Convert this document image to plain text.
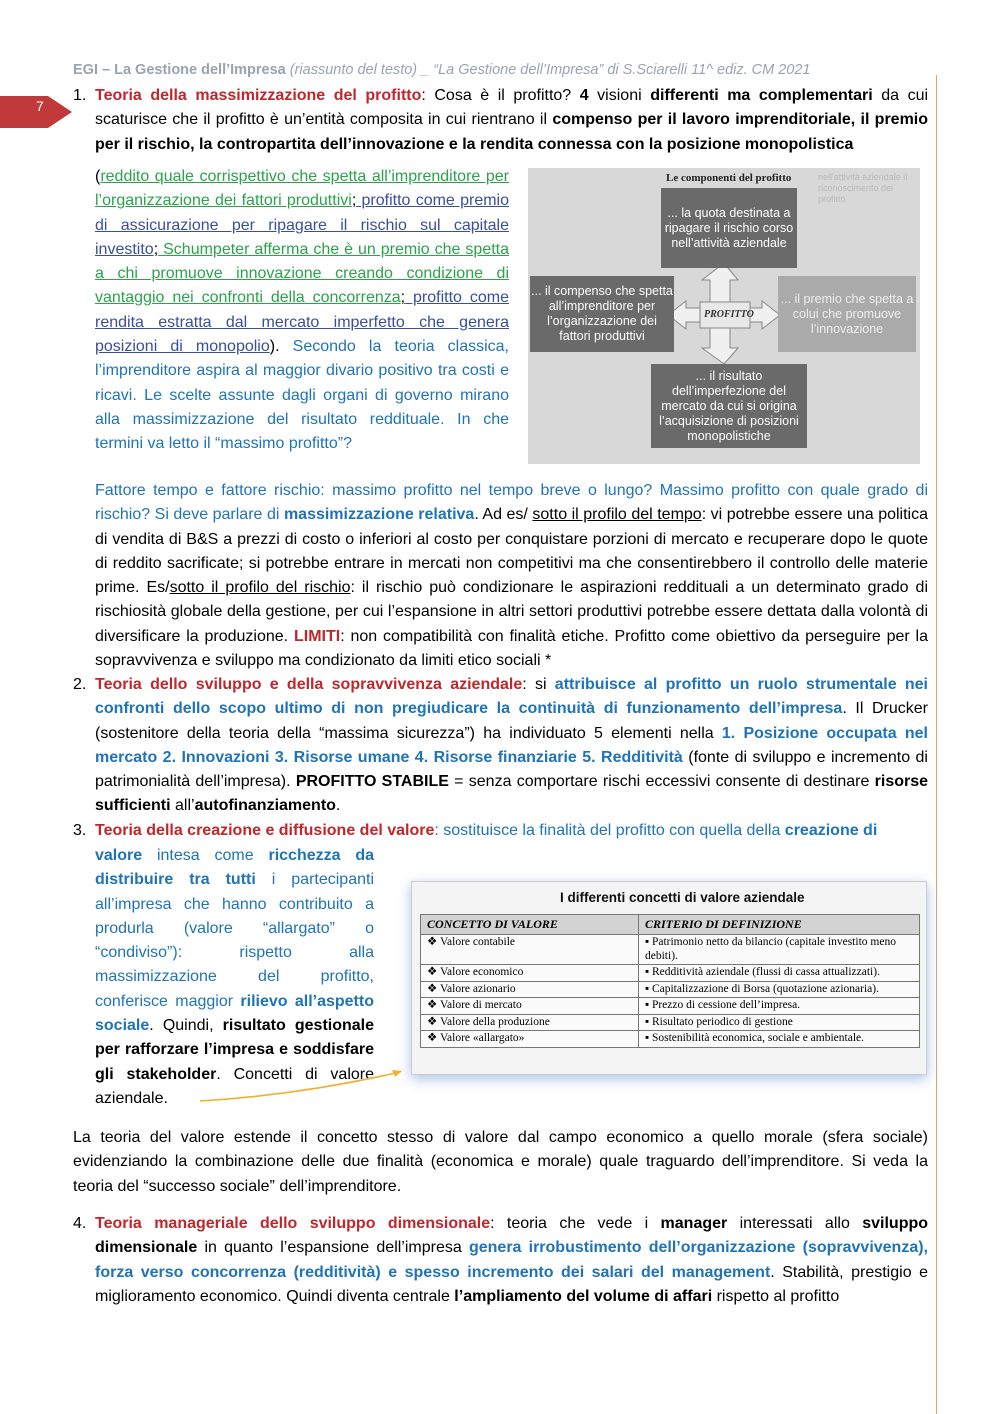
EGI – La Gestione dell’Impresa (riassunto del testo) _ “La Gestione dell’Impresa” di S.Sciarelli 11^ ediz. CM 2021
7
1. Teoria della massimizzazione del profitto: Cosa è il profitto? 4 visioni differenti ma complementari da cui scaturisce che il profitto è un’entità composita in cui rientrano il compenso per il lavoro imprenditoriale, il premio per il rischio, la contropartita dell’innovazione e la rendita connessa con la posizione monopolistica
(reddito quale corrispettivo che spetta all’imprenditore per l’organizzazione dei fattori produttivi; profitto come premio di assicurazione per ripagare il rischio sul capitale investito; Schumpeter afferma che è un premio che spetta a chi promuove innovazione creando condizione di vantaggio nei confronti della concorrenza; profitto come rendita estratta dal mercato imperfetto che genera posizioni di monopolio). Secondo la teoria classica, l’imprenditore aspira al maggior divario positivo tra costi e ricavi. Le scelte assunte dagli organi di governo mirano alla massimizzazione del risultato reddituale. In che termini va letto il “massimo profitto”?
nell'attività aziendale il riconoscimento del profitto
Le componenti del profitto
PROFITTO
... la quota destinata a ripagare il rischio corso nell’attività aziendale
... il compenso che spetta all’imprenditore per l’organizzazione dei fattori produttivi
... il premio che spetta a colui che promuove l’innovazione
... il risultato dell’imperfezione del mercato da cui si origina l’acquisizione di posizioni monopolistiche
Fattore tempo e fattore rischio: massimo profitto nel tempo breve o lungo? Massimo profitto con quale grado di rischio? Si deve parlare di massimizzazione relativa. Ad es/ sotto il profilo del tempo: vi potrebbe essere una politica di vendita di B&S a prezzi di costo o inferiori al costo per conquistare porzioni di mercato e recuperare dopo le quote di reddito sacrificate; si potrebbe entrare in mercati non competitivi ma che consentirebbero il controllo delle materie prime. Es/sotto il profilo del rischio: il rischio può condizionare le aspirazioni reddituali a un determinato grado di rischiosità globale della gestione, per cui l’espansione in altri settori produttivi potrebbe essere dettata dalla volontà di diversificare la produzione. LIMITI: non compatibilità con finalità etiche. Profitto come obiettivo da perseguire per la sopravvivenza e sviluppo ma condizionato da limiti etico sociali *
2. Teoria dello sviluppo e della sopravvivenza aziendale: si attribuisce al profitto un ruolo strumentale nei confronti dello scopo ultimo di non pregiudicare la continuità di funzionamento dell’impresa. Il Drucker (sostenitore della teoria della “massima sicurezza”) ha individuato 5 elementi nella 1. Posizione occupata nel mercato 2. Innovazioni 3. Risorse umane 4. Risorse finanziarie 5. Redditività (fonte di sviluppo e incremento di patrimonialità dell’impresa). PROFITTO STABILE = senza comportare rischi eccessivi consente di destinare risorse sufficienti all’autofinanziamento.
3. Teoria della creazione e diffusione del valore: sostituisce la finalità del profitto con quella della creazione di
valore intesa come ricchezza da distribuire tra tutti i partecipanti all’impresa che hanno contribuito a produrla (valore “allargato” o “condiviso”): rispetto alla massimizzazione del profitto, conferisce maggior rilievo all’aspetto sociale. Quindi, risultato gestionale per rafforzare l’impresa e soddisfare gli stakeholder. Concetti di valore aziendale.
I differenti concetti di valore aziendale
CONCETTO DI VALORE	CRITERIO DI DEFINIZIONE
❖ Valore contabile	▪ Patrimonio netto da bilancio (capitale investito meno debiti).
❖ Valore economico	▪ Redditività aziendale (flussi di cassa attualizzati).
❖ Valore azionario	▪ Capitalizzazione di Borsa (quotazione azionaria).
❖ Valore di mercato	▪ Prezzo di cessione dell’impresa.
❖ Valore della produzione	▪ Risultato periodico di gestione
❖ Valore «allargato»	▪ Sostenibilità economica, sociale e ambientale.
La teoria del valore estende il concetto stesso di valore dal campo economico a quello morale (sfera sociale) evidenziando la combinazione delle due finalità (economica e morale) quale traguardo dell’imprenditore. Si veda la teoria del “successo sociale” dell’imprenditore.
4. Teoria manageriale dello sviluppo dimensionale: teoria che vede i manager interessati allo sviluppo dimensionale in quanto l’espansione dell’impresa genera irrobustimento dell’organizzazione (sopravvivenza), forza verso concorrenza (redditività) e spesso incremento dei salari del management. Stabilità, prestigio e miglioramento economico. Quindi diventa centrale l’ampliamento del volume di affari rispetto al profitto
